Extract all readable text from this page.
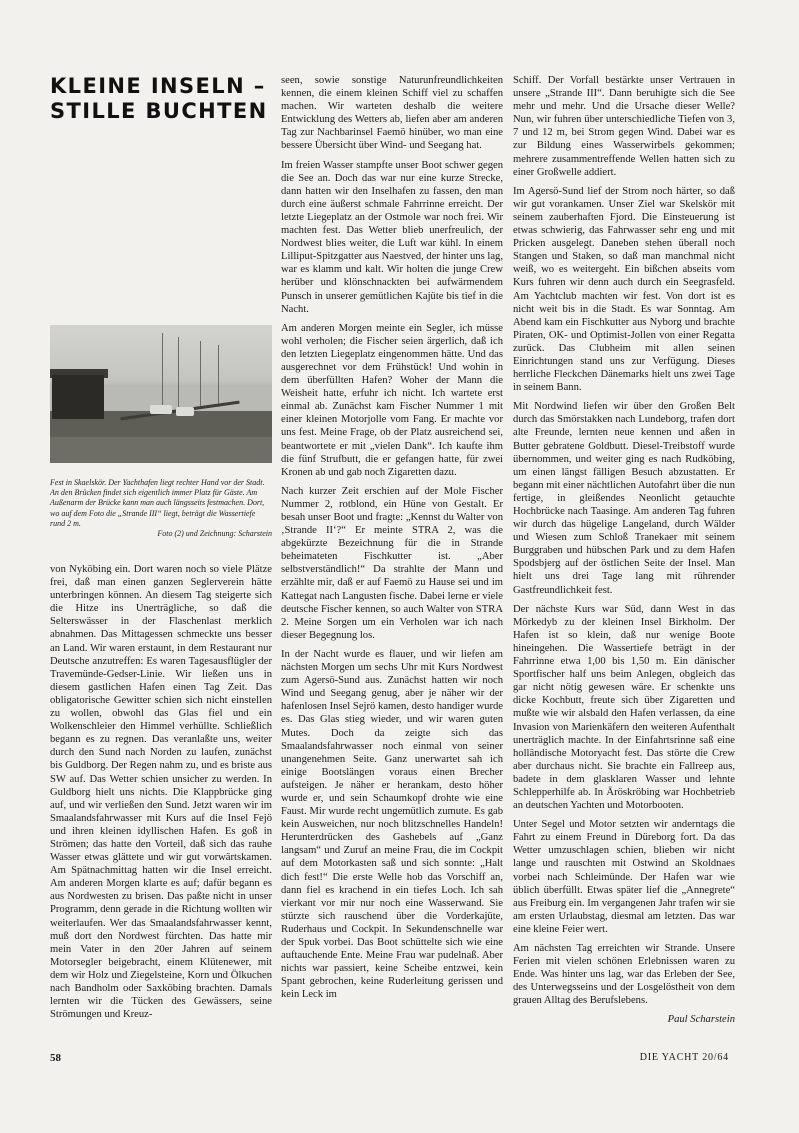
KLEINE INSELN – STILLE BUCHTEN
Fest in Skaelskör. Der Yachthafen liegt rechter Hand vor der Stadt. An den Brücken findet sich eigentlich immer Platz für Gäste. Am Außenarm der Brücke kann man auch längsseits festmachen. Dort, wo auf dem Foto die „Strande III“ liegt, beträgt die Wassertiefe rund 2 m.
Foto (2) und Zeichnung: Scharstein

von Nyköbing ein. Dort waren noch so viele Plätze frei, daß man einen ganzen Seglerverein hätte unterbringen können. An diesem Tag steigerte sich die Hitze ins Unerträgliche, so daß die Selterswässer in der Flaschenlast merklich abnahmen. Das Mittagessen schmeckte uns besser an Land. Wir waren erstaunt, in dem Restaurant nur Deutsche anzutreffen: Es waren Tagesausflügler der Travemünde-Gedser-Linie. Wir ließen uns in diesem gastlichen Hafen einen Tag Zeit. Das obligatorische Gewitter schien sich nicht einstellen zu wollen, obwohl das Glas fiel und ein Wolkenschleier den Himmel verhüllte. Schließlich begann es zu regnen. Das veranlaßte uns, weiter durch den Sund nach Norden zu laufen, zunächst bis Guldborg. Der Regen nahm zu, und es briste aus SW auf. Das Wetter schien unsicher zu werden. In Guldborg hielt uns nichts. Die Klappbrücke ging auf, und wir verließen den Sund. Jetzt waren wir im Smaalandsfahrwasser mit Kurs auf die Insel Fejö und ihren kleinen idyllischen Hafen. Es goß in Strömen; das hatte den Vorteil, daß sich das rauhe Wasser etwas glättete und wir gut vorwärtskamen. Am Spätnachmittag hatten wir die Insel erreicht. Am anderen Morgen klarte es auf; dafür begann es aus Nordwesten zu brisen. Das paßte nicht in unser Programm, denn gerade in die Richtung wollten wir weiterlaufen. Wer das Smaalandsfahrwasser kennt, muß dort den Nordwest fürchten. Das hatte mir mein Vater in den 20er Jahren auf seinem Motorsegler beigebracht, einem Klütenewer, mit dem wir Holz und Ziegelsteine, Korn und Ölkuchen nach Bandholm oder Saxköbing brachten. Damals lernten wir die Tücken des Gewässers, seine Strömungen und Kreuz-

seen, sowie sonstige Naturunfreundlichkeiten kennen, die einem kleinen Schiff viel zu schaffen machen. Wir warteten deshalb die weitere Entwicklung des Wetters ab, liefen aber am anderen Tag zur Nachbarinsel Faemö hinüber, wo man eine bessere Übersicht über Wind- und Seegang hat.

Im freien Wasser stampfte unser Boot schwer gegen die See an. Doch das war nur eine kurze Strecke, dann hatten wir den Inselhafen zu fassen, den man durch eine äußerst schmale Fahrrinne erreicht. Der letzte Liegeplatz an der Ostmole war noch frei. Wir machten fest. Das Wetter blieb unerfreulich, der Nordwest blies weiter, die Luft war kühl. In einem Lilliput-Spitzgatter aus Naestved, der hinter uns lag, war es klamm und kalt. Wir holten die junge Crew herüber und klönschnackten bei aufwärmendem Punsch in unserer gemütlichen Kajüte bis tief in die Nacht.

Am anderen Morgen meinte ein Segler, ich müsse wohl verholen; die Fischer seien ärgerlich, daß ich den letzten Liegeplatz eingenommen hätte. Und das ausgerechnet vor dem Frühstück! Und wohin in dem überfüllten Hafen? Woher der Mann die Weisheit hatte, erfuhr ich nicht. Ich wartete erst einmal ab. Zunächst kam Fischer Nummer 1 mit einer kleinen Motorjolle vom Fang. Er machte vor uns fest. Meine Frage, ob der Platz ausreichend sei, beantwortete er mit „vielen Dank“. Ich kaufte ihm die fünf Strufbutt, die er gefangen hatte, für zwei Kronen ab und gab noch Zigaretten dazu.

Nach kurzer Zeit erschien auf der Mole Fischer Nummer 2, rotblond, ein Hüne von Gestalt. Er besah unser Boot und fragte: „Kennst du Walter von ‚Strande II‘?“ Er meinte STRA 2, was die abgekürzte Bezeichnung für die in Strande beheimateten Fischkutter ist. „Aber selbstverständlich!“ Da strahlte der Mann und erzählte mir, daß er auf Faemö zu Hause sei und im Kattegat nach Langusten fische. Dabei lerne er viele deutsche Fischer kennen, so auch Walter von STRA 2. Meine Sorgen um ein Verholen war ich nach dieser Begegnung los.

In der Nacht wurde es flauer, und wir liefen am nächsten Morgen um sechs Uhr mit Kurs Nordwest zum Agersö-Sund aus. Zunächst hatten wir noch Wind und Seegang genug, aber je näher wir der hafenlosen Insel Sejrö kamen, desto handiger wurde es. Das Glas stieg wieder, und wir waren guten Mutes. Doch da zeigte sich das Smaalandsfahrwasser noch einmal von seiner unangenehmen Seite. Ganz unerwartet sah ich einige Bootslängen voraus einen Brecher aufsteigen. Je näher er herankam, desto höher wurde er, und sein Schaumkopf drohte wie eine Faust. Mir wurde recht ungemütlich zumute. Es gab kein Ausweichen, nur noch blitzschnelles Handeln! Herunterdrücken des Gashebels auf „Ganz langsam“ und Zuruf an meine Frau, die im Cockpit auf dem Motorkasten saß und sich sonnte: „Halt dich fest!“ Die erste Welle hob das Vorschiff an, dann fiel es krachend in ein tiefes Loch. Ich sah vierkant vor mir nur noch eine Wasserwand. Sie stürzte sich rauschend über die Vorderkajüte, Ruderhaus und Cockpit. In Sekundenschnelle war der Spuk vorbei. Das Boot schüttelte sich wie eine auftauchende Ente. Meine Frau war pudelnaß. Aber nichts war passiert, keine Scheibe entzwei, kein Spant gebrochen, keine Ruderleitung gerissen und kein Leck im

Schiff. Der Vorfall bestärkte unser Vertrauen in unsere „Strande III“. Dann beruhigte sich die See mehr und mehr. Und die Ursache dieser Welle? Nun, wir fuhren über unterschiedliche Tiefen von 3, 7 und 12 m, bei Strom gegen Wind. Dabei war es zur Bildung eines Wasserwirbels gekommen; mehrere zusammentreffende Wellen hatten sich zu einer Großwelle addiert.

Im Agersö-Sund lief der Strom noch härter, so daß wir gut vorankamen. Unser Ziel war Skelskör mit seinem zauberhaften Fjord. Die Einsteuerung ist etwas schwierig, das Fahrwasser sehr eng und mit Pricken ausgelegt. Daneben stehen überall noch Stangen und Staken, so daß man manchmal nicht weiß, wo es weitergeht. Ein bißchen abseits vom Kurs fuhren wir denn auch durch ein Seegrasfeld. Am Yachtclub machten wir fest. Von dort ist es nicht weit bis in die Stadt. Es war Sonntag. Am Abend kam ein Fischkutter aus Nyborg und brachte Piraten, OK- und Optimist-Jollen von einer Regatta zurück. Das Clubheim mit allen seinen Einrichtungen stand uns zur Verfügung. Dieses herrliche Fleckchen Dänemarks hielt uns zwei Tage in seinem Bann.

Mit Nordwind liefen wir über den Großen Belt durch das Smörstakken nach Lundeborg, trafen dort alte Freunde, lernten neue kennen und aßen in Butter gebratene Goldbutt. Diesel-Treibstoff wurde übernommen, und weiter ging es nach Rudköbing, um einen längst fälligen Besuch abzustatten. Er begann mit einer nächtlichen Autofahrt über die nun fertige, in gleißendes Neonlicht getauchte Hochbrücke nach Taasinge. Am anderen Tag fuhren wir durch das hügelige Langeland, durch Wälder und Wiesen zum Schloß Tranekaer mit seinem Burggraben und hübschen Park und zu dem Hafen Spodsbjerg auf der östlichen Seite der Insel. Man hielt uns drei Tage lang mit rührender Gastfreundlichkeit fest.

Der nächste Kurs war Süd, dann West in das Mörkedyb zu der kleinen Insel Birkholm. Der Hafen ist so klein, daß nur wenige Boote hineingehen. Die Wassertiefe beträgt in der Fahrrinne etwa 1,00 bis 1,50 m. Ein dänischer Sportfischer half uns beim Anlegen, obgleich das gar nicht nötig gewesen wäre. Er schenkte uns dicke Kochbutt, freute sich über Zigaretten und mußte wie wir alsbald den Hafen verlassen, da eine Invasion von Marienkäfern den weiteren Aufenthalt unerträglich machte. In der Einfahrtsrinne saß eine holländische Motoryacht fest. Das störte die Crew aber durchaus nicht. Sie brachte ein Fallreep aus, badete in dem glasklaren Wasser und lehnte Schlepperhilfe ab. In Äröskröbing war Hochbetrieb an deutschen Yachten und Motorbooten.

Unter Segel und Motor setzten wir anderntags die Fahrt zu einem Freund in Düreborg fort. Da das Wetter umzuschlagen schien, blieben wir nicht lange und rauschten mit Ostwind an Skoldnaes vorbei nach Schleimünde. Der Hafen war wie üblich überfüllt. Etwas später lief die „Annegrete“ aus Freiburg ein. Im vergangenen Jahr trafen wir sie am ersten Urlaubstag, diesmal am letzten. Das war eine kleine Feier wert.

Am nächsten Tag erreichten wir Strande. Unsere Ferien mit vielen schönen Erlebnissen waren zu Ende. Was hinter uns lag, war das Erleben der See, des Unterwegsseins und der Losgelöstheit von dem grauen Alltag des Berufslebens.

Paul Scharstein
58	DIE YACHT 20/64
